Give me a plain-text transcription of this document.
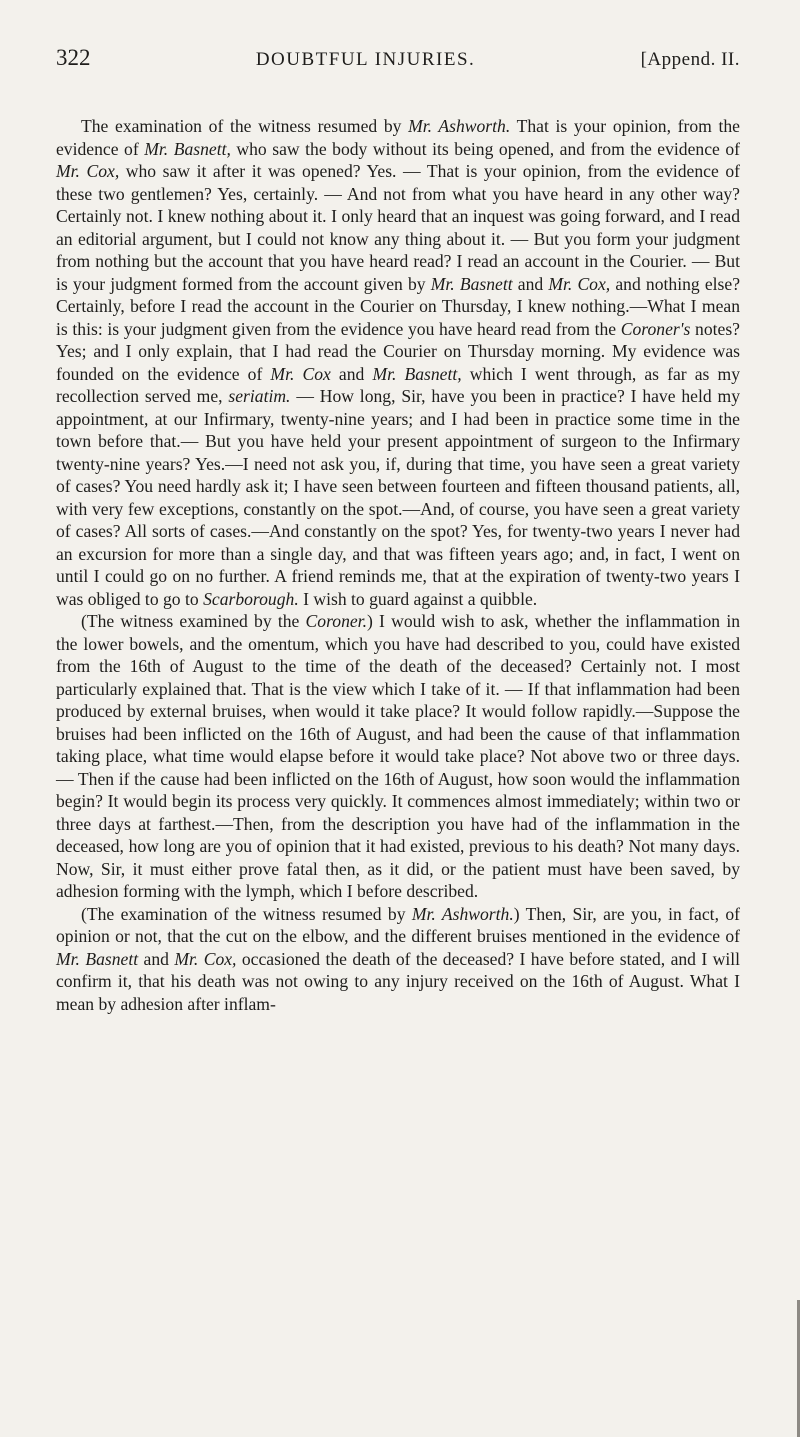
322	DOUBTFUL INJURIES.	[Append. II.

The examination of the witness resumed by Mr. Ashworth. That is your opinion, from the evidence of Mr. Basnett, who saw the body without its being opened, and from the evidence of Mr. Cox, who saw it after it was opened? Yes. — That is your opinion, from the evidence of these two gentlemen? Yes, certainly. — And not from what you have heard in any other way? Certainly not. I knew nothing about it. I only heard that an inquest was going forward, and I read an editorial argument, but I could not know any thing about it. — But you form your judgment from nothing but the account that you have heard read? I read an account in the Courier. — But is your judgment formed from the account given by Mr. Basnett and Mr. Cox, and nothing else? Certainly, before I read the account in the Courier on Thursday, I knew nothing.—What I mean is this: is your judgment given from the evidence you have heard read from the Coroner's notes? Yes; and I only explain, that I had read the Courier on Thursday morning. My evidence was founded on the evidence of Mr. Cox and Mr. Basnett, which I went through, as far as my recollection served me, seriatim. — How long, Sir, have you been in practice? I have held my appointment, at our Infirmary, twenty-nine years; and I had been in practice some time in the town before that.— But you have held your present appointment of surgeon to the Infirmary twenty-nine years? Yes.—I need not ask you, if, during that time, you have seen a great variety of cases? You need hardly ask it; I have seen between fourteen and fifteen thousand patients, all, with very few exceptions, constantly on the spot.—And, of course, you have seen a great variety of cases? All sorts of cases.—And constantly on the spot? Yes, for twenty-two years I never had an excursion for more than a single day, and that was fifteen years ago; and, in fact, I went on until I could go on no further. A friend reminds me, that at the expiration of twenty-two years I was obliged to go to Scarborough. I wish to guard against a quibble.

(The witness examined by the Coroner.) I would wish to ask, whether the inflammation in the lower bowels, and the omentum, which you have had described to you, could have existed from the 16th of August to the time of the death of the deceased? Certainly not. I most particularly explained that. That is the view which I take of it. — If that inflammation had been produced by external bruises, when would it take place? It would follow rapidly.—Suppose the bruises had been inflicted on the 16th of August, and had been the cause of that inflammation taking place, what time would elapse before it would take place? Not above two or three days. — Then if the cause had been inflicted on the 16th of August, how soon would the inflammation begin? It would begin its process very quickly. It commences almost immediately; within two or three days at farthest.—Then, from the description you have had of the inflammation in the deceased, how long are you of opinion that it had existed, previous to his death? Not many days. Now, Sir, it must either prove fatal then, as it did, or the patient must have been saved, by adhesion forming with the lymph, which I before described.

(The examination of the witness resumed by Mr. Ashworth.) Then, Sir, are you, in fact, of opinion or not, that the cut on the elbow, and the different bruises mentioned in the evidence of Mr. Basnett and Mr. Cox, occasioned the death of the deceased? I have before stated, and I will confirm it, that his death was not owing to any injury received on the 16th of August. What I mean by adhesion after inflam-
